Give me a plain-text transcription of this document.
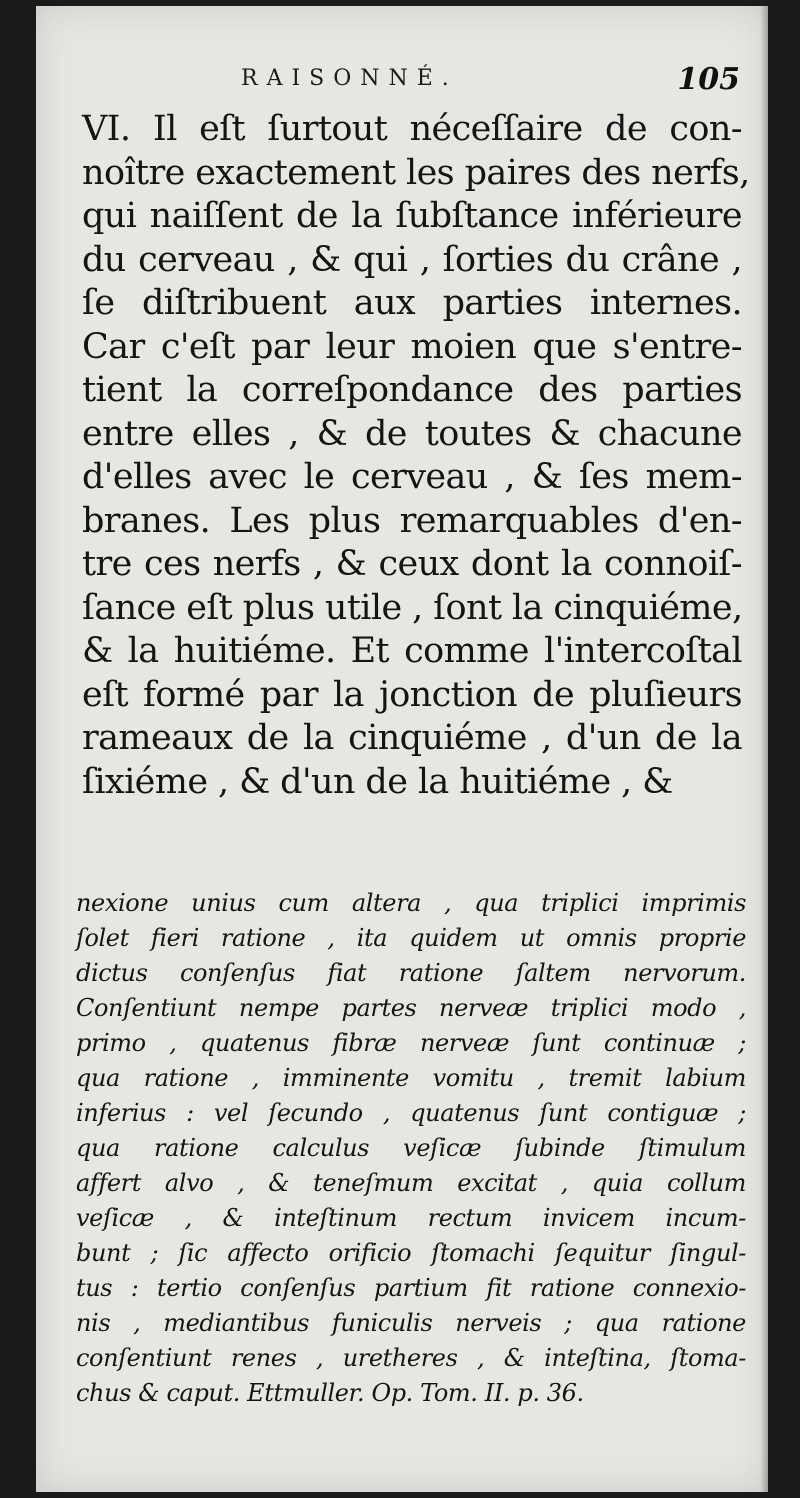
RAISONNÉ.	105
VI. Il eſt ſurtout néceſſaire de con-
noître exactement les paires des nerfs,
qui naiſſent de la ſubſtance inférieure
du cerveau , & qui , ſorties du crâne ,
ſe diſtribuent aux parties internes.
Car c'eſt par leur moien que s'entre-
tient la correſpondance des parties
entre elles , & de toutes & chacune
d'elles avec le cerveau , & ſes mem-
branes. Les plus remarquables d'en-
tre ces nerfs , & ceux dont la connoiſ-
ſance eſt plus utile , ſont la cinquiéme,
& la huitiéme. Et comme l'intercoſtal
eſt formé par la jonction de pluſieurs
rameaux de la cinquiéme , d'un de la
ſixiéme , & d'un de la huitiéme , &
nexione unius cum altera , qua triplici imprimis
ſolet fieri ratione , ita quidem ut omnis proprie
dictus conſenſus fiat ratione ſaltem nervorum.
Conſentiunt nempe partes nerveæ triplici modo ,
primo , quatenus fibræ nerveæ ſunt continuæ ;
qua ratione , imminente vomitu , tremit labium
inferius : vel ſecundo , quatenus ſunt contiguæ ;
qua ratione calculus veſicæ ſubinde ſtimulum
affert alvo , & teneſmum excitat , quia collum
veſicæ , & inteſtinum rectum invicem incum-
bunt ; ſic affecto orificio ſtomachi ſequitur ſingul-
tus : tertio conſenſus partium fit ratione connexio-
nis , mediantibus funiculis nerveis ; qua ratione
conſentiunt renes , uretheres , & inteſtina, ſtoma-
chus & caput. Ettmuller. Op. Tom. II. p. 36.
